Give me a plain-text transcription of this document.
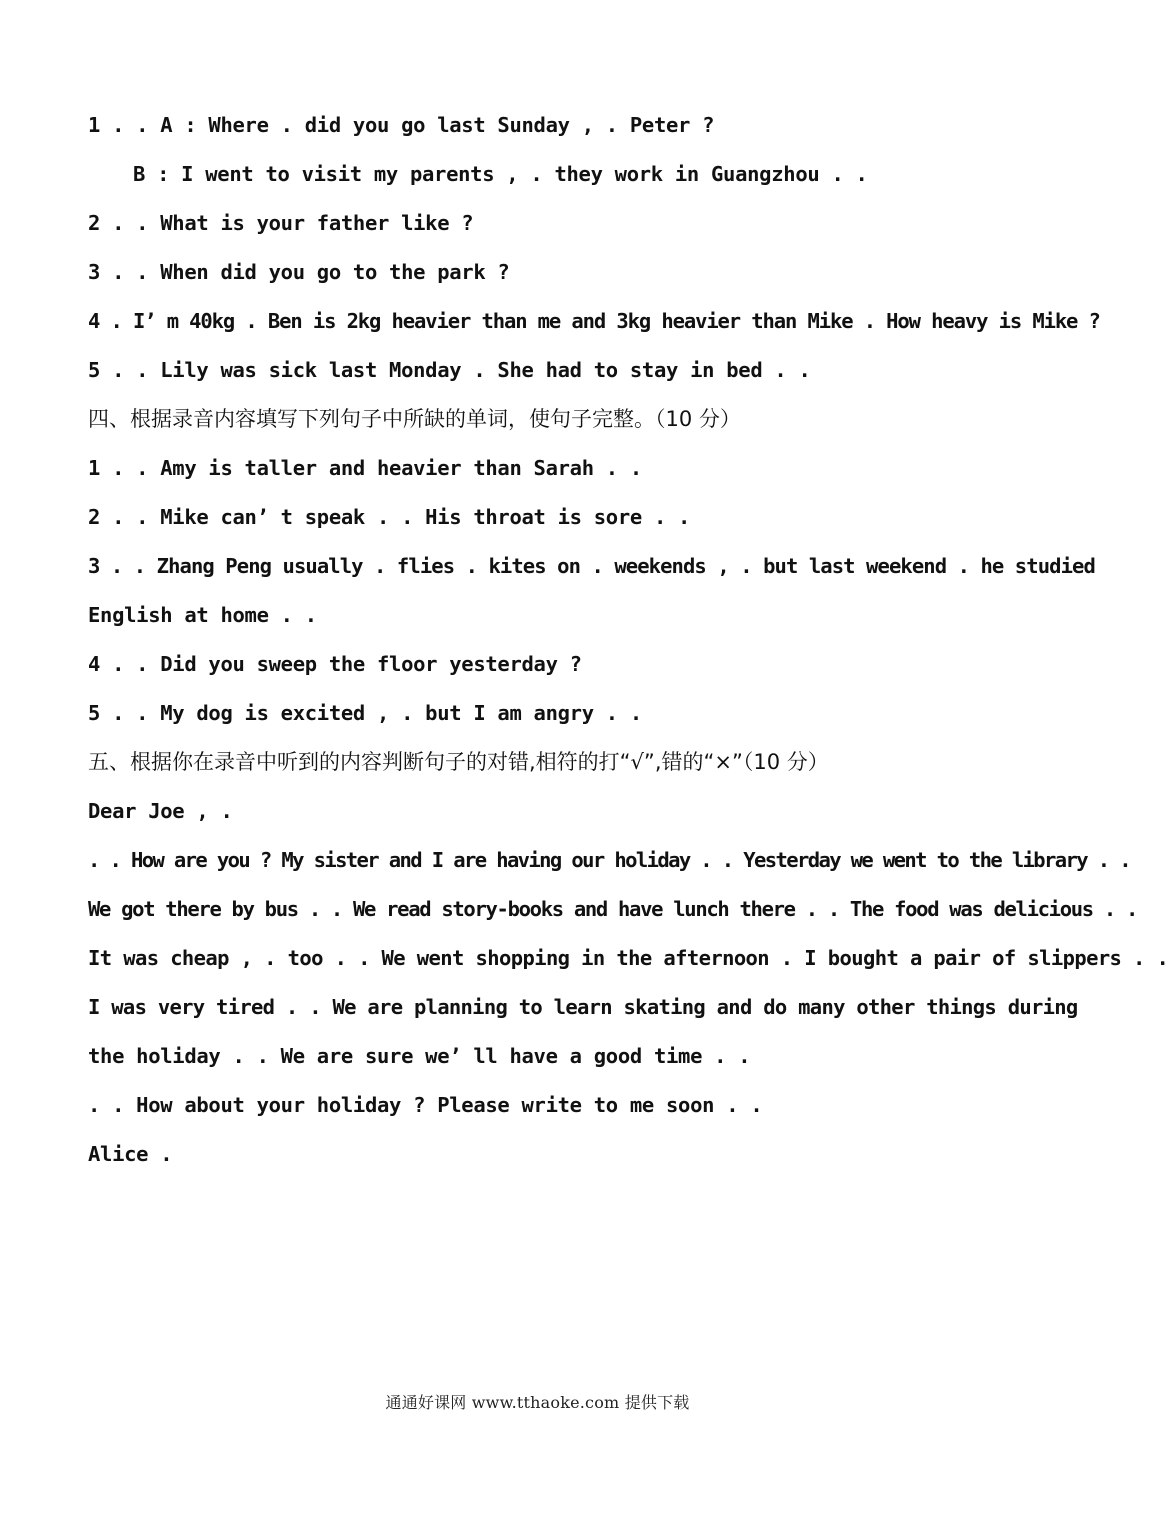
1 . . A : Where . did you go last Sunday , . Peter ?
B : I went to visit my parents , . they work in Guangzhou . .
2 . . What is your father like ?
3 . . When did you go to the park ?
4 . I’ m 40kg . Ben is 2kg heavier than me and 3kg heavier than Mike . How heavy is Mike ?
5 . . Lily was sick last Monday . She had to stay in bed . .
四、根据录音内容填写下列句子中所缺的单词，使句子完整。（10 分）
1 . . Amy is taller and heavier than Sarah . .
2 . . Mike can’ t speak . . His throat is sore . .
3 . . Zhang Peng usually . flies . kites on . weekends , . but last weekend . he studied
English at home . .
4 . . Did you sweep the floor yesterday ?
5 . . My dog is excited , . but I am angry . .
五、根据你在录音中听到的内容判断句子的对错,相符的打“√”,错的“×”（10 分）
Dear Joe , .
. . How are you ? My sister and I are having our holiday . . Yesterday we went to the library . .
We got there by bus . . We read story-books and have lunch there . . The food was delicious . .
It was cheap , . too . . We went shopping in the afternoon . I bought a pair of slippers . .
I was very tired . . We are planning to learn skating and do many other things during
the holiday . . We are sure we’ ll have a good time . .
. . How about your holiday ? Please write to me soon . .
Alice .
通通好课网 www.tthaoke.com 提供下载
